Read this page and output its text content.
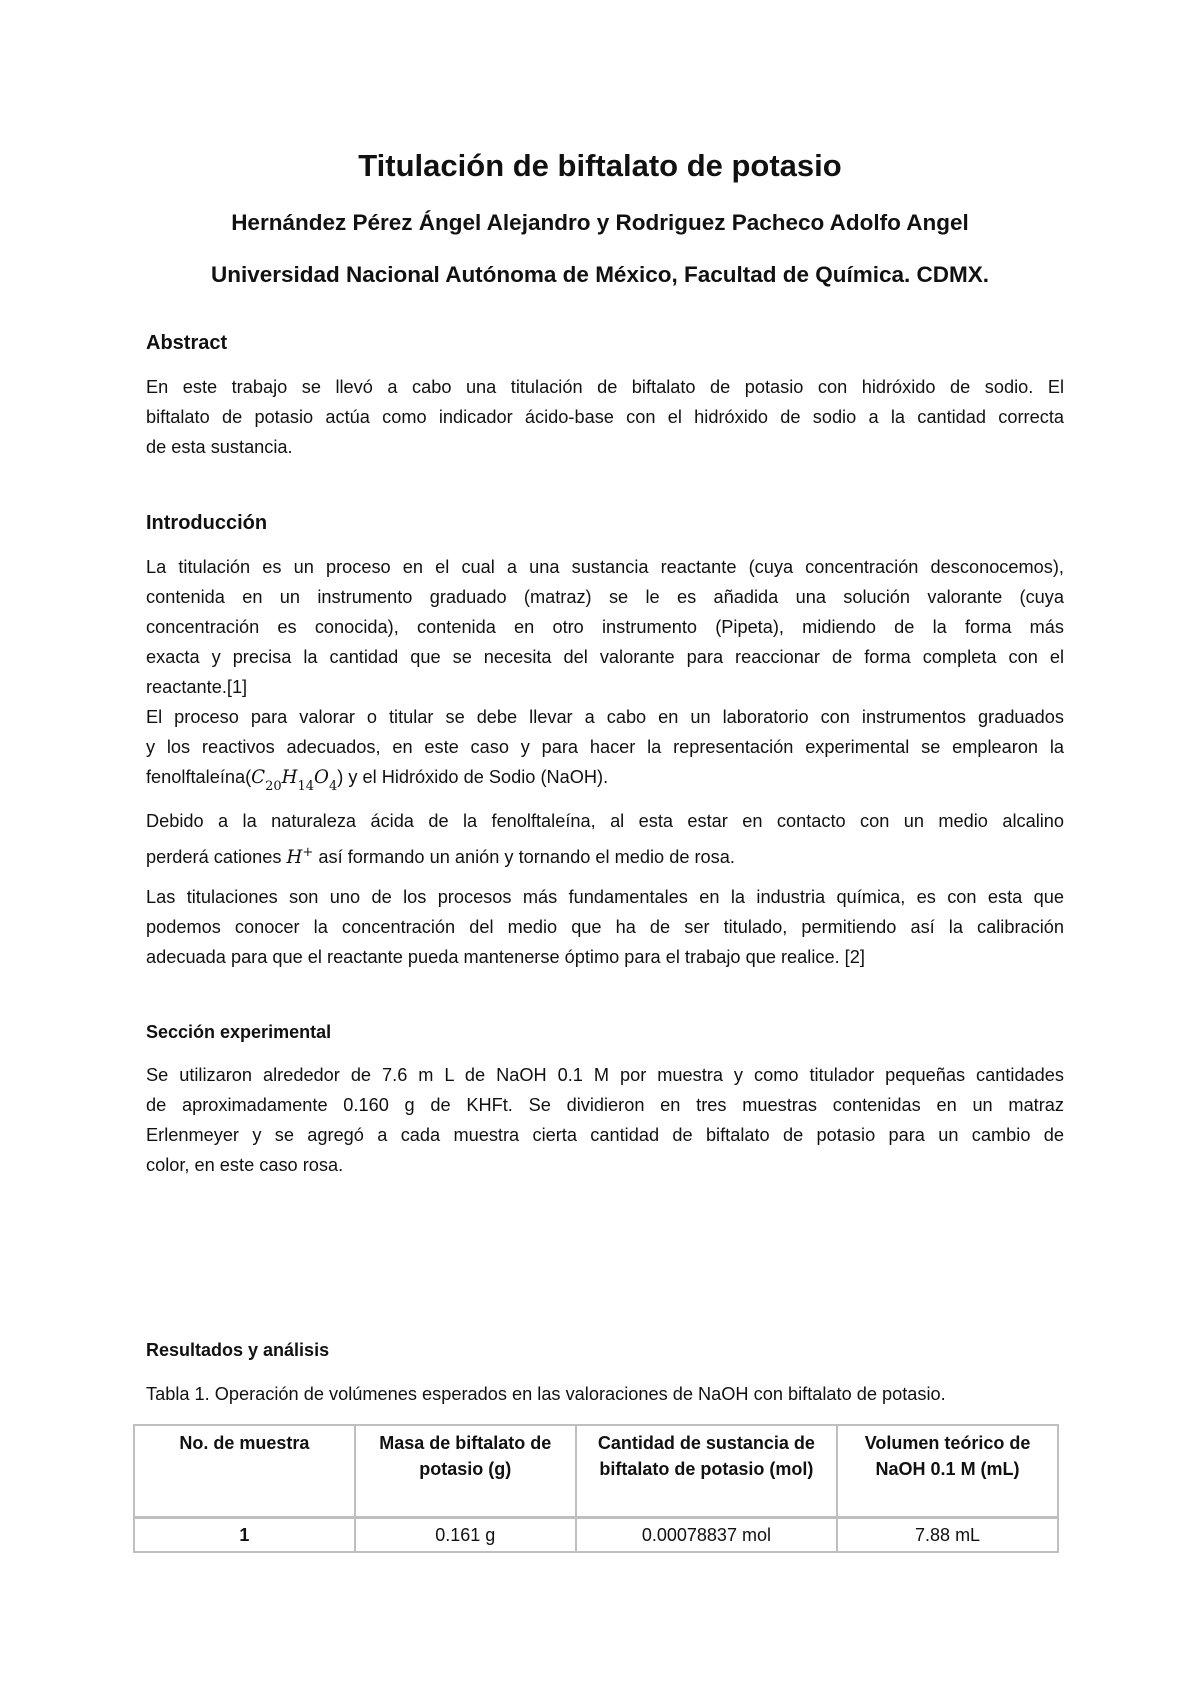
Titulación de biftalato de potasio
Hernández Pérez Ángel Alejandro y Rodriguez Pacheco Adolfo Angel
Universidad Nacional Autónoma de México, Facultad de Química. CDMX.
Abstract
En este trabajo se llevó a cabo una titulación de biftalato de potasio con hidróxido de sodio. El
biftalato de potasio actúa como indicador ácido-base con el hidróxido de sodio a la cantidad correcta
de esta sustancia.
Introducción
La titulación es un proceso en el cual a una sustancia reactante (cuya concentración desconocemos),
contenida en un instrumento graduado (matraz) se le es añadida una solución valorante (cuya
concentración es conocida), contenida en otro instrumento (Pipeta), midiendo de la forma más
exacta y precisa la cantidad que se necesita del valorante para reaccionar de forma completa con el
reactante.[1]
El proceso para valorar o titular se debe llevar a cabo en un laboratorio con instrumentos graduados
y los reactivos adecuados, en este caso y para hacer la representación experimental se emplearon la
$fenolftaleína(C_{20}H_{14}O_4)$ y el Hidróxido de Sodio (NaOH).
Debido a la naturaleza ácida de la fenolftaleína, al esta estar en contacto con un medio alcalino
perderá cationes H+ así formando un anión y tornando el medio de rosa.
Las titulaciones son uno de los procesos más fundamentales en la industria química, es con esta que
podemos conocer la concentración del medio que ha de ser titulado, permitiendo así la calibración
adecuada para que el reactante pueda mantenerse óptimo para el trabajo que realice. [2]
Sección experimental
Se utilizaron alrededor de 7.6 m L de NaOH 0.1 M por muestra y como titulador pequeñas cantidades
de aproximadamente 0.160 g de KHFt. Se dividieron en tres muestras contenidas en un matraz
Erlenmeyer y se agregó a cada muestra cierta cantidad de biftalato de potasio para un cambio de
color, en este caso rosa.
Resultados y análisis
Tabla 1. Operación de volúmenes esperados en las valoraciones de NaOH con biftalato de potasio.
No. de muestra	Masa de biftalato de potasio (g)	Cantidad de sustancia de biftalato de potasio (mol)	Volumen teórico de NaOH 0.1 M (mL)
1	0.161 g	0.00078837 mol	7.88 mL
